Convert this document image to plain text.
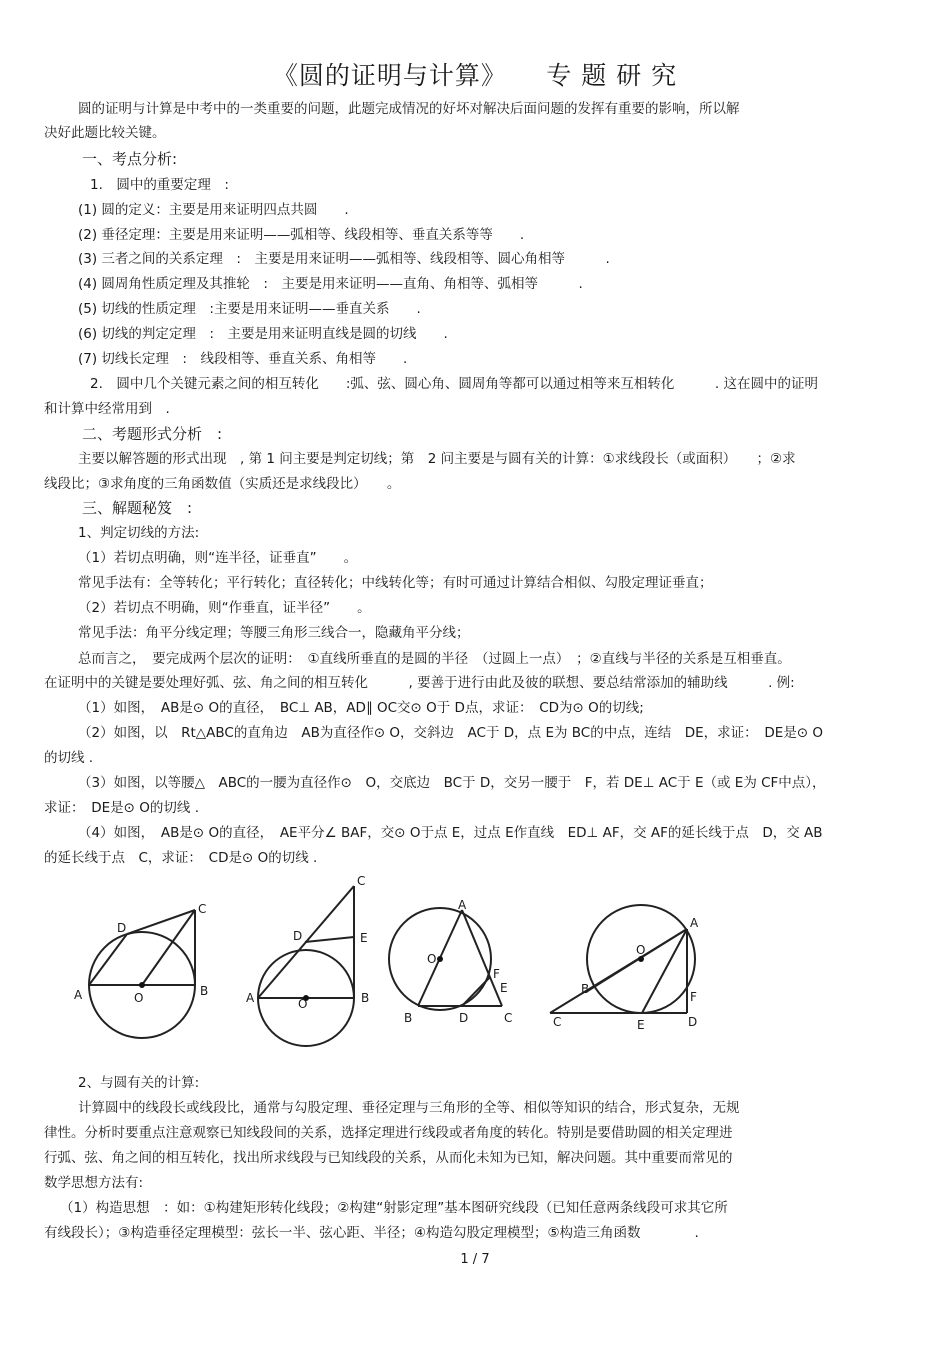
《圆的证明与计算》　　专 题 研 究
圆的证明与计算是中考中的一类重要的问题，此题完成情况的好坏对解决后面问题的发挥有重要的影响，所以解
决好此题比较关键。
一、考点分析:
1.　圆中的重要定理　:
(1) 圆的定义：主要是用来证明四点共圆　　.
(2) 垂径定理：主要是用来证明——弧相等、线段相等、垂直关系等等　　.
(3) 三者之间的关系定理　:　主要是用来证明——弧相等、线段相等、圆心角相等　　　.
(4) 圆周角性质定理及其推轮　:　主要是用来证明——直角、角相等、弧相等　　　.
(5) 切线的性质定理　:主要是用来证明——垂直关系　　.
(6) 切线的判定定理　:　主要是用来证明直线是圆的切线　　.
(7) 切线长定理　:　线段相等、垂直关系、角相等　　.
2.　圆中几个关键元素之间的相互转化　　:弧、弦、圆心角、圆周角等都可以通过相等来互相转化　　　. 这在圆中的证明
和计算中经常用到　.
二、考题形式分析　:
主要以解答题的形式出现　, 第 1 问主要是判定切线；第　2 问主要是与圆有关的计算：①求线段长（或面积）　　；②求
线段比；③求角度的三角函数值（实质还是求线段比）　　。
三、解题秘笈　:
1、判定切线的方法:
（1）若切点明确，则“连半径，证垂直”　　。
常见手法有：全等转化；平行转化；直径转化；中线转化等；有时可通过计算结合相似、勾股定理证垂直；
（2）若切点不明确，则“作垂直，证半径”　　。
常见手法：角平分线定理；等腰三角形三线合一，隐藏角平分线；
总而言之，　要完成两个层次的证明：　①直线所垂直的是圆的半径　（过圆上一点）　；②直线与半径的关系是互相垂直。
在证明中的关键是要处理好弧、弦、角之间的相互转化　　　, 要善于进行由此及彼的联想、要总结常添加的辅助线　　　. 例:
（1）如图，　AB是⊙ O的直径，　BC⊥ AB，AD∥ OC交⊙ O于 D点，求证：　CD为⊙ O的切线;
（2）如图，以　Rt△ABC的直角边　AB为直径作⊙ O，交斜边　AC于 D，点 E为 BC的中点，连结　DE，求证：　DE是⊙ O
的切线 .
（3）如图，以等腰△　ABC的一腰为直径作⊙　O，交底边　BC于 D，交另一腰于　F，若 DE⊥ AC于 E（或 E为 CF中点），
求证：　DE是⊙ O的切线 .
（4）如图，　AB是⊙ O的直径，　AE平分∠ BAF，交⊙ O于点 E，过点 E作直线　ED⊥ AF，交 AF的延长线于点　D，交 AB
的延长线于点　C，求证：　CD是⊙ O的切线 .
A	B
O
C
D
A	B
O
C
D	E
A
O
F
E
B	D	C
A
O
B
F
C	E	D
2、与圆有关的计算:
计算圆中的线段长或线段比，通常与勾股定理、垂径定理与三角形的全等、相似等知识的结合，形式复杂，无规
律性。分析时要重点注意观察已知线段间的关系，选择定理进行线段或者角度的转化。特别是要借助圆的相关定理进
行弧、弦、角之间的相互转化，找出所求线段与已知线段的关系，从而化未知为已知，解决问题。其中重要而常见的
数学思想方法有:
（1）构造思想　：如：①构建矩形转化线段；②构建“射影定理”基本图研究线段（已知任意两条线段可求其它所
有线段长）；③构造垂径定理模型：弦长一半、弦心距、半径；④构造勾股定理模型；⑤构造三角函数　　　　.
1 / 7
